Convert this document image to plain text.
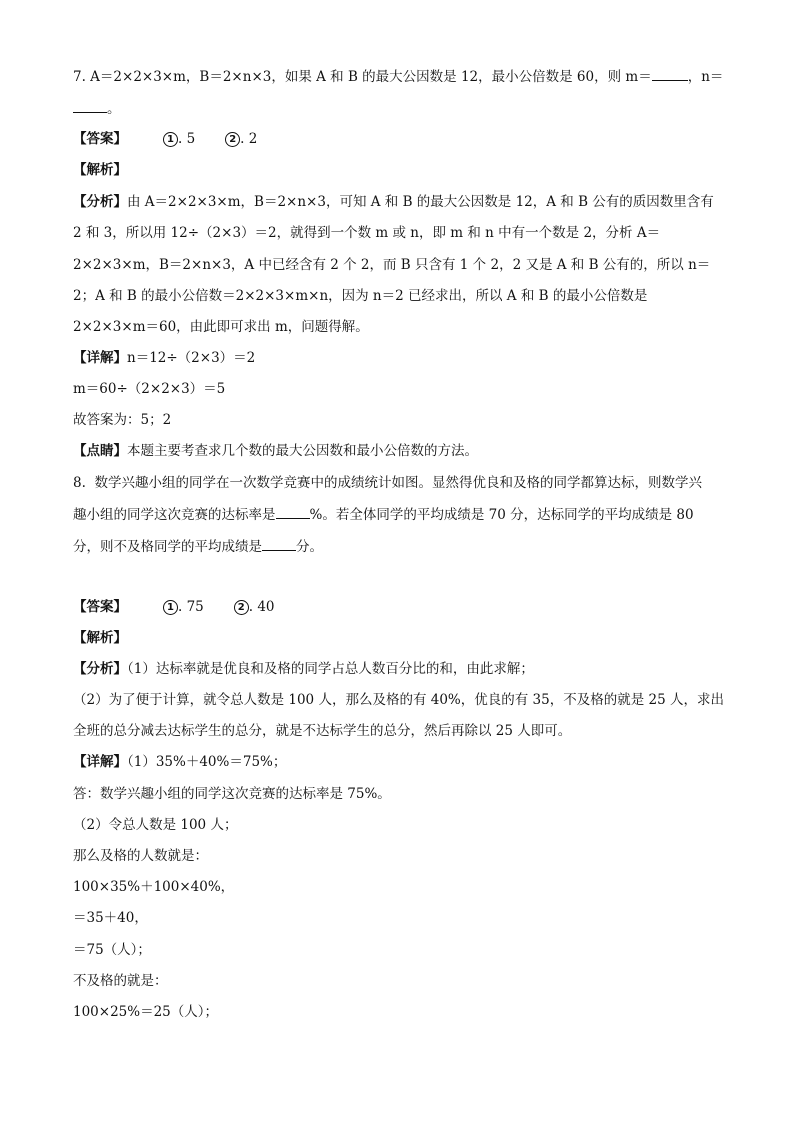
7. A＝2×2×3×m，B＝2×n×3，如果 A 和 B 的最大公因数是 12，最小公倍数是 60，则 m＝	，n＝
。
【答案】	1 . 5	2 . 2
【解析】
【分析】由 A＝2×2×3×m，B＝2×n×3，可知 A 和 B 的最大公因数是 12，A 和 B 公有的质因数里含有
2 和 3，所以用 12÷（2×3）＝2，就得到一个数 m 或 n，即 m 和 n 中有一个数是 2，分析 A＝
2×2×3×m，B＝2×n×3，A 中已经含有 2 个 2，而 B 只含有 1 个 2，2 又是 A 和 B 公有的，所以 n＝
2；A 和 B 的最小公倍数＝2×2×3×m×n，因为 n＝2 已经求出，所以 A 和 B 的最小公倍数是
2×2×3×m＝60，由此即可求出 m，问题得解。
【详解】n＝12÷（2×3）＝2
m＝60÷（2×2×3）＝5
故答案为：5；2
【点睛】本题主要考查求几个数的最大公因数和最小公倍数的方法。
8.  数学兴趣小组的同学在一次数学竞赛中的成绩统计如图。显然得优良和及格的同学都算达标，则数学兴
趣小组的同学这次竞赛的达标率是	%。若全体同学的平均成绩是 70 分，达标同学的平均成绩是 80
分，则不及格同学的平均成绩是	分。
【答案】	1 . 75	2 . 40
【解析】
【分析】（1）达标率就是优良和及格的同学占总人数百分比的和，由此求解；
（2）为了便于计算，就令总人数是 100 人，那么及格的有 40%，优良的有 35，不及格的就是 25 人，求出
全班的总分减去达标学生的总分，就是不达标学生的总分，然后再除以 25 人即可。
【详解】（1）35%＋40%＝75%；
答：数学兴趣小组的同学这次竞赛的达标率是 75%。
（2）令总人数是 100 人；
那么及格的人数就是：
100×35%＋100×40%，
＝35＋40，
＝75（人）；
不及格的就是：
100×25%＝25（人）；
